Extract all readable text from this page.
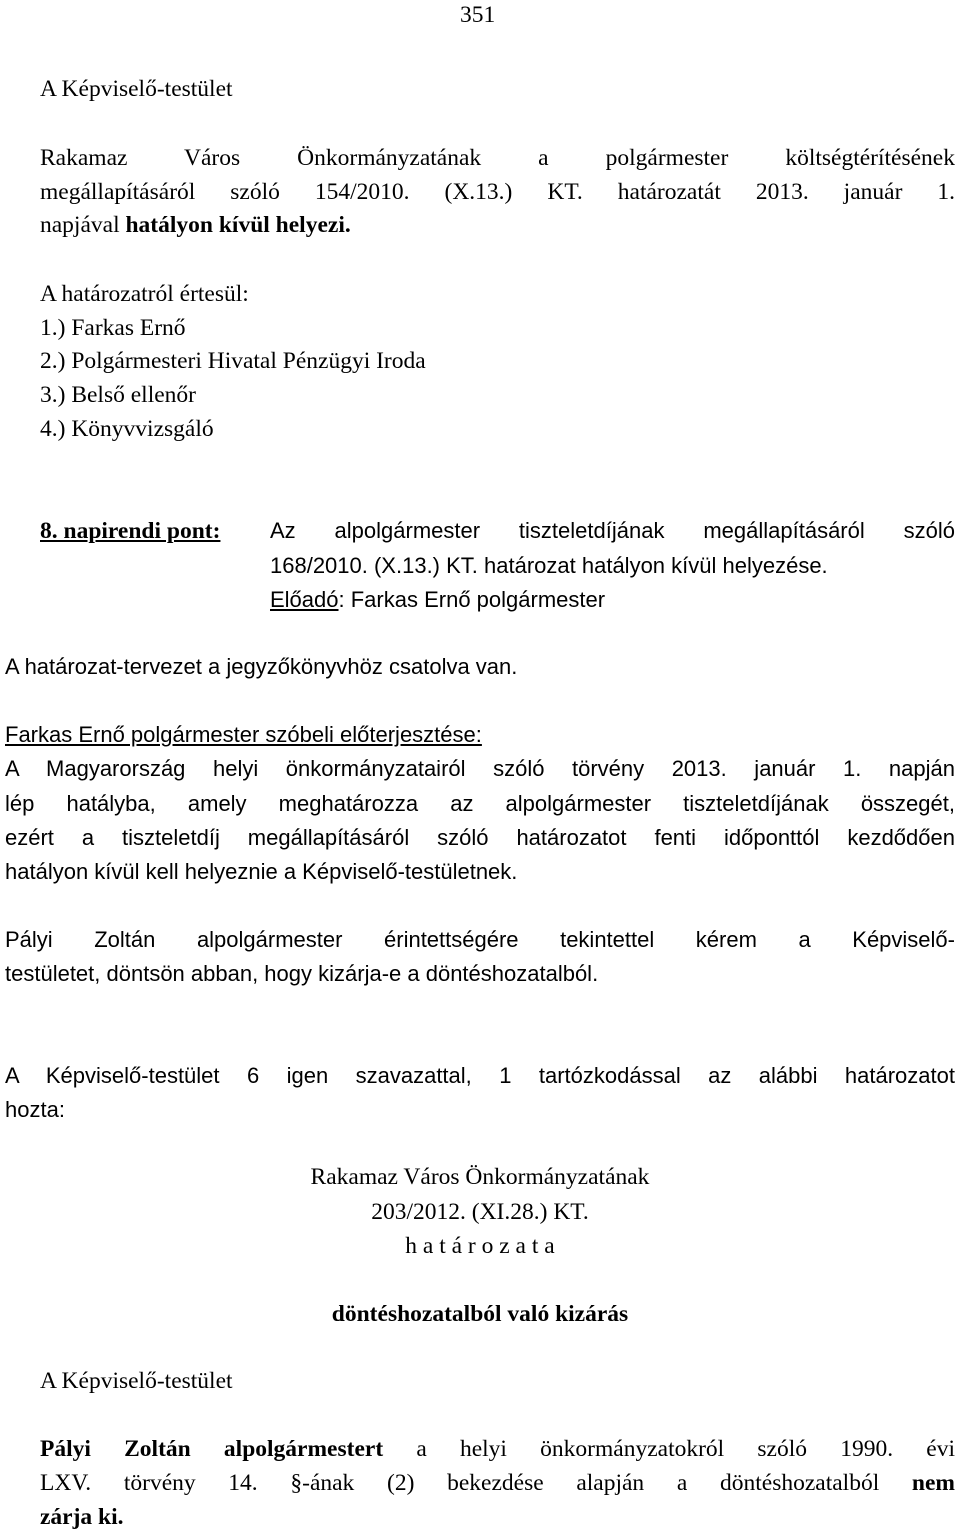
351
A Képviselő-testület
Rakamaz Város Önkormányzatának a polgármester költségtérítésének
megállapításáról szóló 154/2010. (X.13.) KT. határozatát 2013. január 1.
napjával hatályon kívül helyezi.
A határozatról értesül:
1.) Farkas Ernő
2.) Polgármesteri Hivatal Pénzügyi Iroda
3.) Belső ellenőr
4.) Könyvvizsgáló
8. napirendi pont: Az alpolgármester tiszteletdíjának megállapításáról szóló
168/2010. (X.13.) KT. határozat hatályon kívül helyezése.
Előadó: Farkas Ernő polgármester
A határozat-tervezet a jegyzőkönyvhöz csatolva van.
Farkas Ernő polgármester szóbeli előterjesztése:
A Magyarország helyi önkormányzatairól szóló törvény 2013. január 1. napján
lép hatályba, amely meghatározza az alpolgármester tiszteletdíjának összegét,
ezért a tiszteletdíj megállapításáról szóló határozatot fenti időponttól kezdődően
hatályon kívül kell helyeznie a Képviselő-testületnek.
Pályi Zoltán alpolgármester érintettségére tekintettel kérem a Képviselő-
testületet, döntsön abban, hogy kizárja-e a döntéshozatalból.
A Képviselő-testület 6 igen szavazattal, 1 tartózkodással az alábbi határozatot
hozta:
Rakamaz Város Önkormányzatának
203/2012. (XI.28.) KT.
h a t á r o z a t a
döntéshozatalból való kizárás
A Képviselő-testület
Pályi Zoltán alpolgármestert a helyi önkormányzatokról szóló 1990. évi
LXV. törvény 14. §-ának (2) bekezdése alapján a döntéshozatalból nem
zárja ki.
